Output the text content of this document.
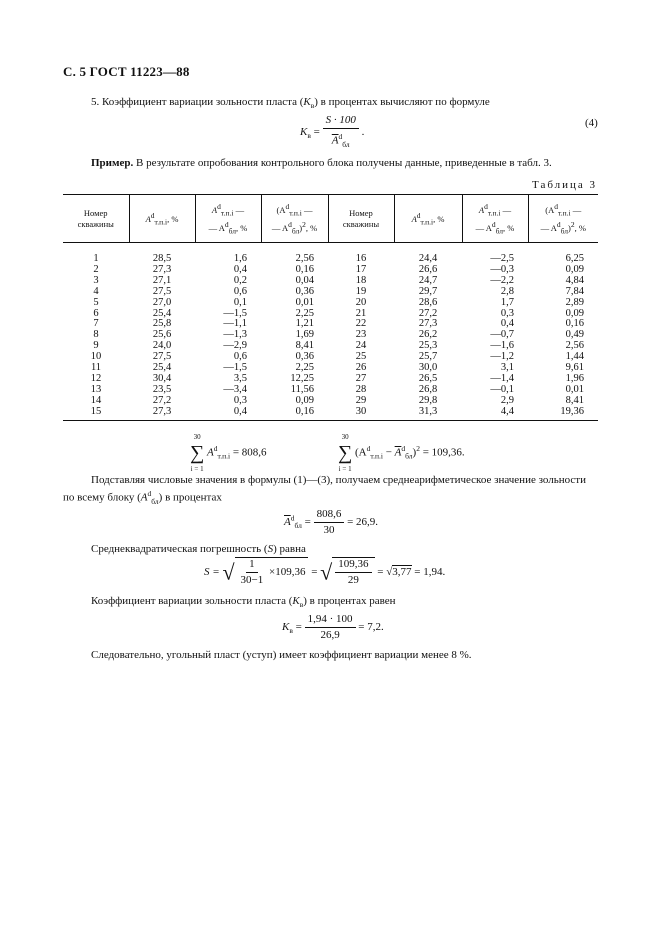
С. 5 ГОСТ 11223—88
5. Коэффициент вариации зольности пласта $(K_в)$ в процентах вычисляют по формуле
$K_в = \frac{S \cdot 100}{\overline{A}^d_{бл}}$ .
(4)
Пример. В результате опробования контрольного блока получены данные, приведенные в табл. 3.
Таблица 3
Номер скважины	$A^d_{т.п.i}$, %	$A^d_{т.п.i}$ —
— $A^d_{бл}$, %	($A^d_{т.п.i}$ —
— $A^d_{бл})^2$, %	Номер скважины	$A^d_{т.п.i}$, %	$A^d_{т.п.i}$ —
— $A^d_{бл}$, %	($A^d_{т.п.i}$ —
— $A^d_{бл})^2$, %
1	28,5	1,6	2,56	16	24,4	—2,5	6,25
2	27,3	0,4	0,16	17	26,6	—0,3	0,09
3	27,1	0,2	0,04	18	24,7	—2,2	4,84
4	27,5	0,6	0,36	19	29,7	2,8	7,84
5	27,0	0,1	0,01	20	28,6	1,7	2,89
6	25,4	—1,5	2,25	21	27,2	0,3	0,09
7	25,8	—1,1	1,21	22	27,3	0,4	0,16
8	25,6	—1,3	1,69	23	26,2	—0,7	0,49
9	24,0	—2,9	8,41	24	25,3	—1,6	2,56
10	27,5	0,6	0,36	25	25,7	—1,2	1,44
11	25,4	—1,5	2,25	26	30,0	3,1	9,61
12	30,4	3,5	12,25	27	26,5	—1,4	1,96
13	23,5	—3,4	11,56	28	26,8	—0,1	0,01
14	27,2	0,3	0,09	29	29,8	2,9	8,41
15	27,3	0,4	0,16	30	31,3	4,4	19,36
30
∑
i = 1
$A^d_{т.п.i} = 808,6$
30
∑
i = 1
$(A^d_{т.п.i} - \overline{A}^d_{бл})^2 = 109,36$.
Подставляя числовые значения в формулы (1)—(3), получаем среднеарифметическое значение зольности
по всему блоку $(A^d_{бл})$ в процентах
$\overline{A}^d_{бл} = \frac{808,6}{30} = 26,9$.
Среднеквадратическая погрешность (S) равна
S = √ $\frac{1}{30-1} \times 109,36$ = √ $\frac{109,36}{29} = √3,77 = 1,94$.
Коэффициент вариации зольности пласта $(K_в)$ в процентах равен
$K_в = \frac{1,94 \cdot 100}{26,9} = 7,2$.
Следовательно, угольный пласт (уступ) имеет коэффициент вариации менее 8 %.
